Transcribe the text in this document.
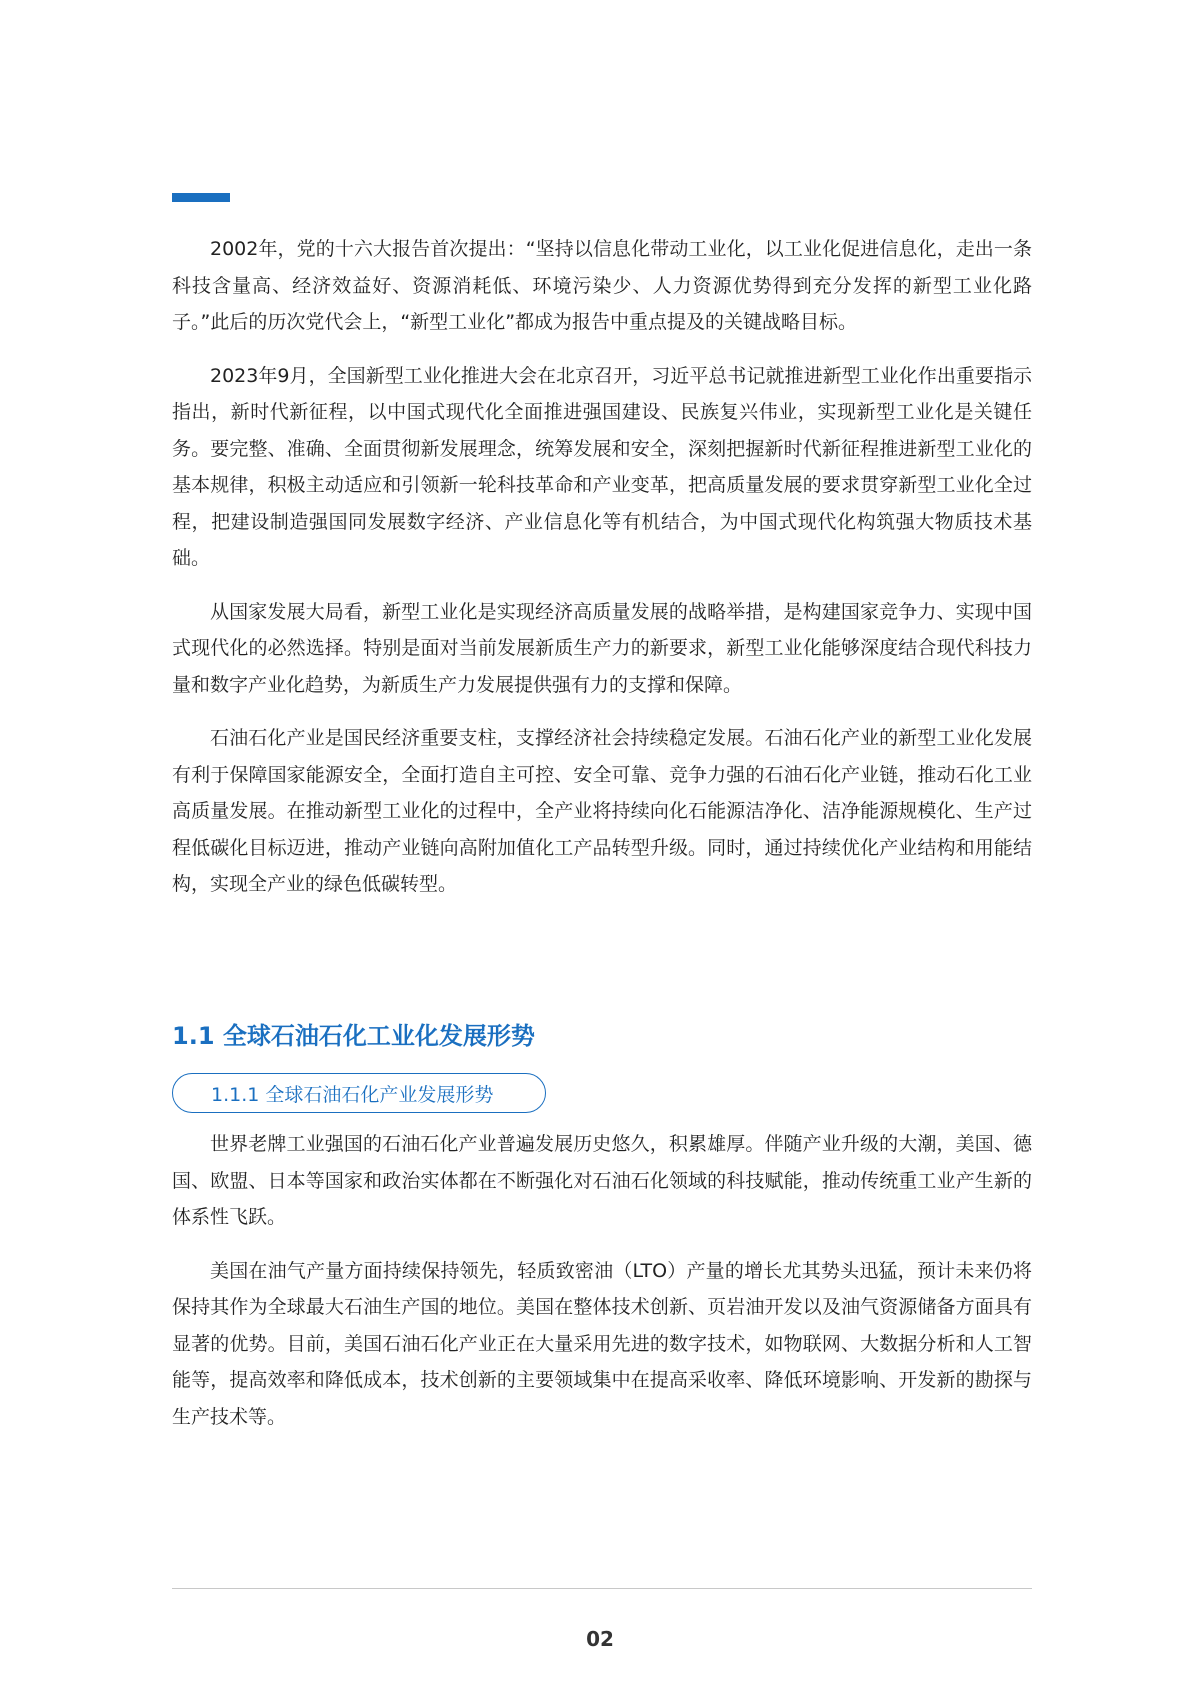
2002年，党的十六大报告首次提出：“坚持以信息化带动工业化，以工业化促进信息化，走出一条科技含量高、经济效益好、资源消耗低、环境污染少、人力资源优势得到充分发挥的新型工业化路子。”此后的历次党代会上，“新型工业化”都成为报告中重点提及的关键战略目标。

2023年9月，全国新型工业化推进大会在北京召开，习近平总书记就推进新型工业化作出重要指示指出，新时代新征程，以中国式现代化全面推进强国建设、民族复兴伟业，实现新型工业化是关键任务。要完整、准确、全面贯彻新发展理念，统筹发展和安全，深刻把握新时代新征程推进新型工业化的基本规律，积极主动适应和引领新一轮科技革命和产业变革，把高质量发展的要求贯穿新型工业化全过程，把建设制造强国同发展数字经济、产业信息化等有机结合，为中国式现代化构筑强大物质技术基础。

从国家发展大局看，新型工业化是实现经济高质量发展的战略举措，是构建国家竞争力、实现中国式现代化的必然选择。特别是面对当前发展新质生产力的新要求，新型工业化能够深度结合现代科技力量和数字产业化趋势，为新质生产力发展提供强有力的支撑和保障。

石油石化产业是国民经济重要支柱，支撑经济社会持续稳定发展。石油石化产业的新型工业化发展有利于保障国家能源安全，全面打造自主可控、安全可靠、竞争力强的石油石化产业链，推动石化工业高质量发展。在推动新型工业化的过程中，全产业将持续向化石能源洁净化、洁净能源规模化、生产过程低碳化目标迈进，推动产业链向高附加值化工产品转型升级。同时，通过持续优化产业结构和用能结构，实现全产业的绿色低碳转型。

1.1 全球石油石化工业化发展形势
1.1.1 全球石油石化产业发展形势

世界老牌工业强国的石油石化产业普遍发展历史悠久，积累雄厚。伴随产业升级的大潮，美国、德国、欧盟、日本等国家和政治实体都在不断强化对石油石化领域的科技赋能，推动传统重工业产生新的体系性飞跃。

美国在油气产量方面持续保持领先，轻质致密油（LTO）产量的增长尤其势头迅猛，预计未来仍将保持其作为全球最大石油生产国的地位。美国在整体技术创新、页岩油开发以及油气资源储备方面具有显著的优势。目前，美国石油石化产业正在大量采用先进的数字技术，如物联网、大数据分析和人工智能等，提高效率和降低成本，技术创新的主要领域集中在提高采收率、降低环境影响、开发新的勘探与生产技术等。

02
